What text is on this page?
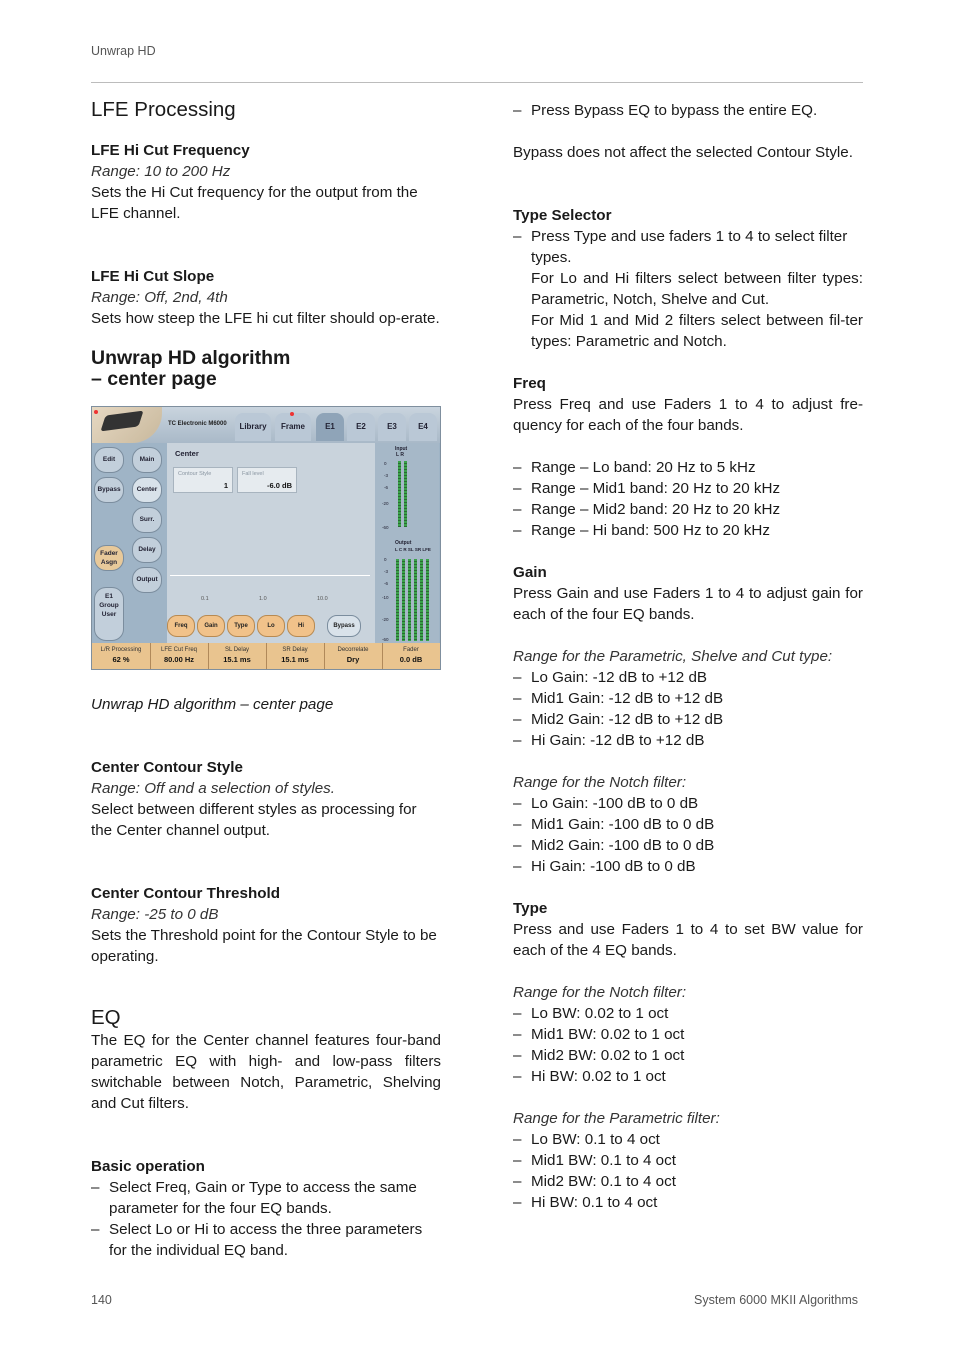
Unwrap HD
LFE Processing

LFE Hi Cut Frequency

Range: 10 to 200 Hz

Sets the Hi Cut frequency for the output from the LFE channel.

LFE Hi Cut Slope

Range: Off, 2nd, 4th

Sets how steep the LFE hi cut filter should op-erate.

Unwrap HD algorithm

– center page

TC Electronic M6000	Library	Frame	E1	E2	E3	E4
Edit
Bypass
Fader Asgn
E1
Group
User
Main
Center
Surr.
Delay
Output
Center
Contour Style
1
Fall level
-6.0 dB
0.1	1.0	10.0
Freq	Gain	Type	Lo	Hi	Bypass
Input
L R
0
-3
-6
-20
-60
Output
L C R SL SR LFE
0
-3
-6
-10
-20
-60
L/R Processing
62 %
LFE Cut Freq
80.00 Hz
SL Delay
15.1 ms
SR Delay
15.1 ms
Decorrelate
Dry
Fader
0.0 dB

Unwrap HD algorithm – center page

Center Contour Style

Range: Off and a selection of styles.

Select between different styles as processing for the Center channel output.

Center Contour Threshold

Range: -25 to 0 dB

Sets the Threshold point for the Contour Style to be operating.

EQ

The EQ for the Center channel features four-band parametric EQ with high- and low-pass filters switchable between Notch, Parametric, Shelving and Cut filters.

Basic operation

– Select Freq, Gain or Type to access the same parameter for the four EQ bands.

– Select Lo or Hi to access the three parameters for the individual EQ band.

– Press Bypass EQ to bypass the entire EQ.

Bypass does not affect the selected Contour Style.

Type Selector

– Press Type and use faders 1 to 4 to select filter types.

For Lo and Hi filters select between filter types: Parametric, Notch, Shelve and Cut.

For Mid 1 and Mid 2 filters select between fil-ter types: Parametric and Notch.

Freq

Press Freq and use Faders 1 to 4 to adjust fre-quency for each of the four bands.

– Range – Lo band: 20 Hz to 5 kHz

– Range – Mid1 band: 20 Hz to 20 kHz

– Range – Mid2 band: 20 Hz to 20 kHz

– Range – Hi band: 500 Hz to 20 kHz

Gain

Press Gain and use Faders 1 to 4 to adjust gain for each of the four EQ bands.

Range for the Parametric, Shelve and Cut type:

– Lo Gain: -12 dB to +12 dB

– Mid1 Gain: -12 dB to +12 dB

– Mid2 Gain: -12 dB to +12 dB

– Hi Gain: -12 dB to +12 dB

Range for the Notch filter:

– Lo Gain: -100 dB to 0 dB

– Mid1 Gain: -100 dB to 0 dB

– Mid2 Gain: -100 dB to 0 dB

– Hi Gain: -100 dB to 0 dB

Type

Press and use Faders 1 to 4 to set BW value for each of the 4 EQ bands.

Range for the Notch filter:

– Lo BW: 0.02 to 1 oct

– Mid1 BW: 0.02 to 1 oct

– Mid2 BW: 0.02 to 1 oct

– Hi BW: 0.02 to 1 oct

Range for the Parametric filter:

– Lo BW: 0.1 to 4 oct

– Mid1 BW: 0.1 to 4 oct

– Mid2 BW: 0.1 to 4 oct

– Hi BW: 0.1 to 4 oct

140	System 6000 MKII Algorithms
